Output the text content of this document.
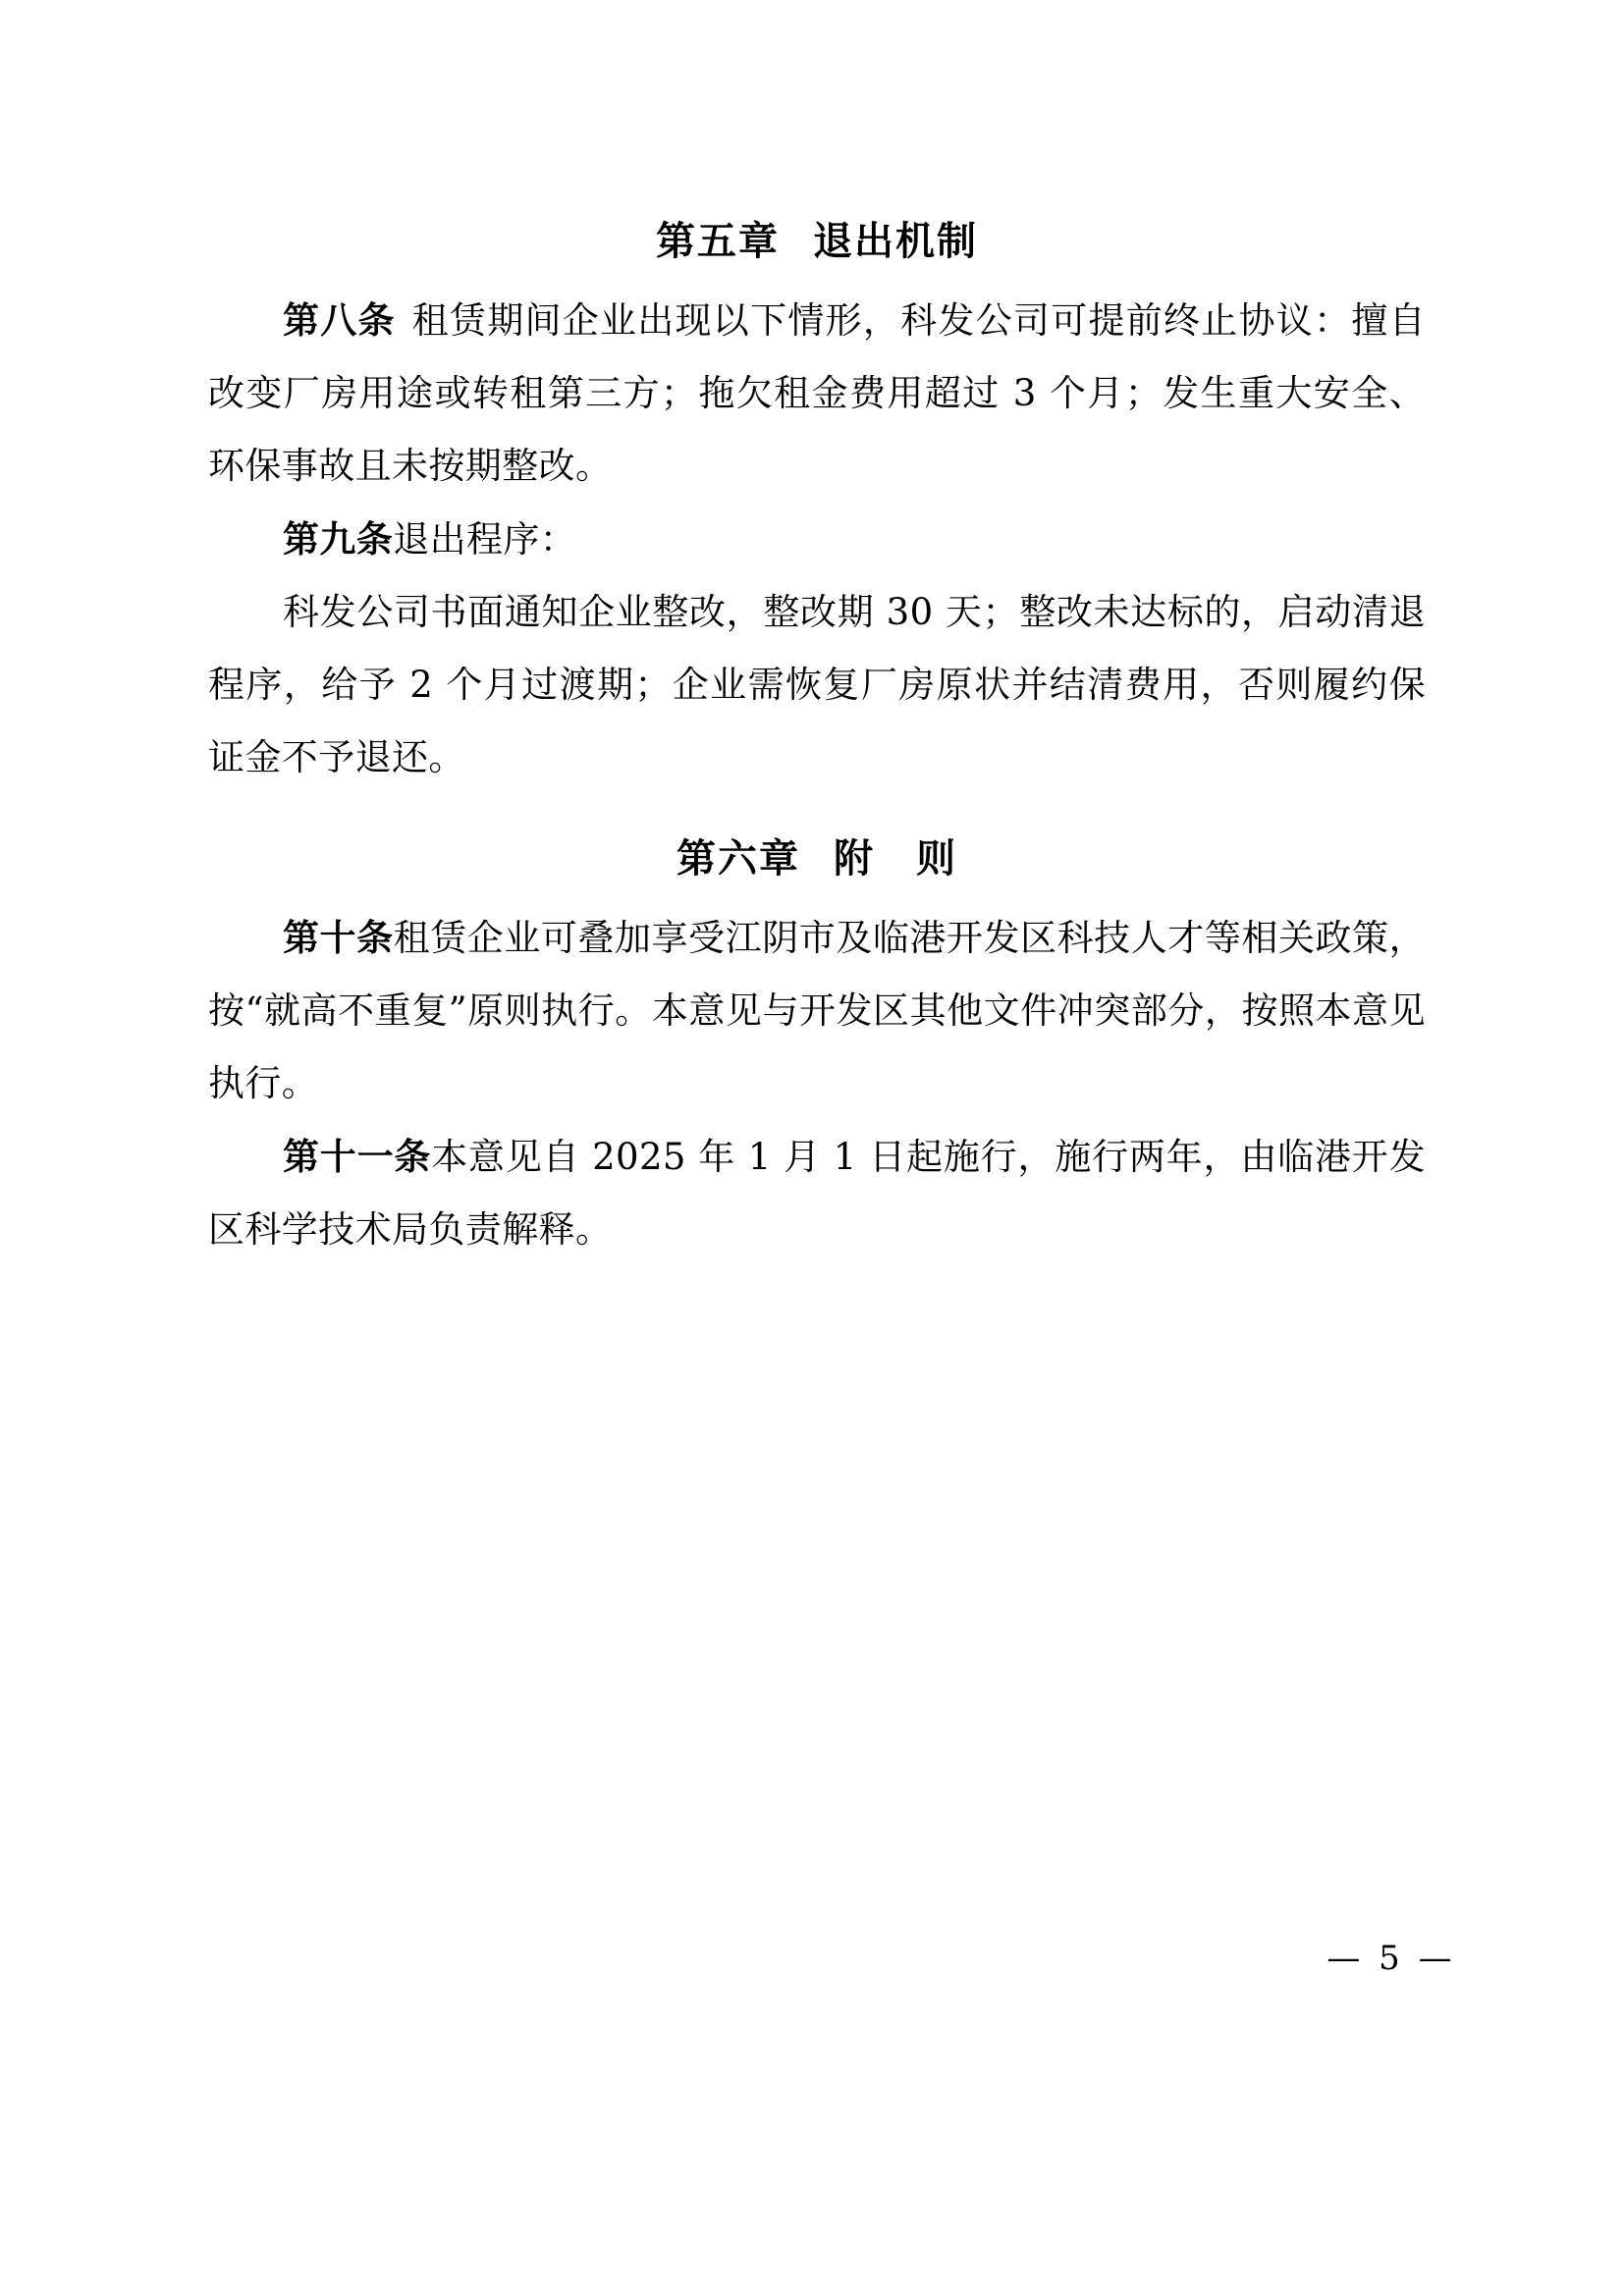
第五章 退出机制

第八条 租赁期间企业出现以下情形，科发公司可提前终止协议：擅自改变厂房用途或转租第三方；拖欠租金费用超过 3 个月；发生重大安全、环保事故且未按期整改。

第九条退出程序：

科发公司书面通知企业整改，整改期 30 天；整改未达标的，启动清退程序，给予 2 个月过渡期；企业需恢复厂房原状并结清费用，否则履约保证金不予退还。

第六章 附　则

第十条租赁企业可叠加享受江阴市及临港开发区科技人才等相关政策，按“就高不重复”原则执行。本意见与开发区其他文件冲突部分，按照本意见执行。

第十一条本意见自 2025 年 1 月 1 日起施行，施行两年，由临港开发区科学技术局负责解释。

— 5 —
